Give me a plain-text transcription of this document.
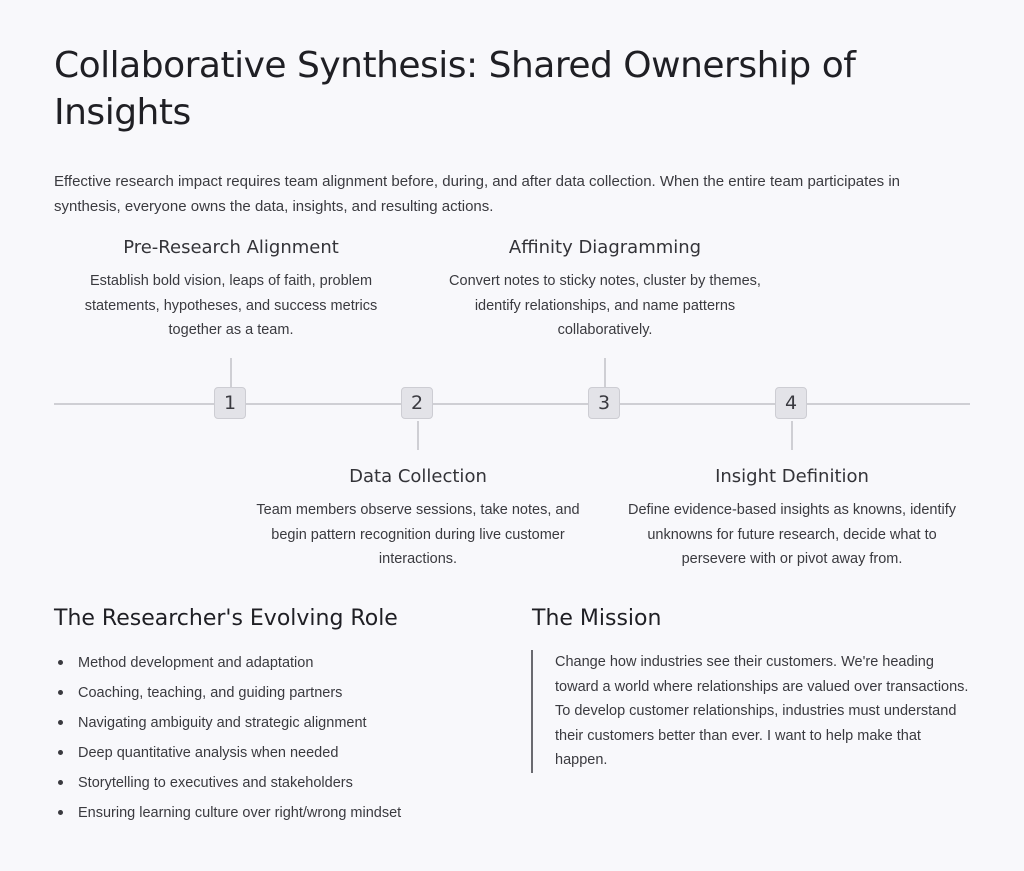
Collaborative Synthesis: Shared Ownership of Insights

Effective research impact requires team alignment before, during, and after data collection. When the entire team participates in synthesis, everyone owns the data, insights, and resulting actions.

Pre-Research Alignment
Establish bold vision, leaps of faith, problem statements, hypotheses, and success metrics together as a team.
1	2
Data Collection
Team members observe sessions, take notes, and begin pattern recognition during live customer interactions.
Affinity Diagramming
Convert notes to sticky notes, cluster by themes, identify relationships, and name patterns collaboratively.
3	4
Insight Definition
Define evidence-based insights as knowns, identify unknowns for future research, decide what to persevere with or pivot away from.
The Researcher's Evolving Role
Method development and adaptation
Coaching, teaching, and guiding partners
Navigating ambiguity and strategic alignment
Deep quantitative analysis when needed
Storytelling to executives and stakeholders
Ensuring learning culture over right/wrong mindset
The Mission
Change how industries see their customers. We're heading toward a world where relationships are valued over transactions. To develop customer relationships, industries must understand their customers better than ever. I want to help make that happen.
